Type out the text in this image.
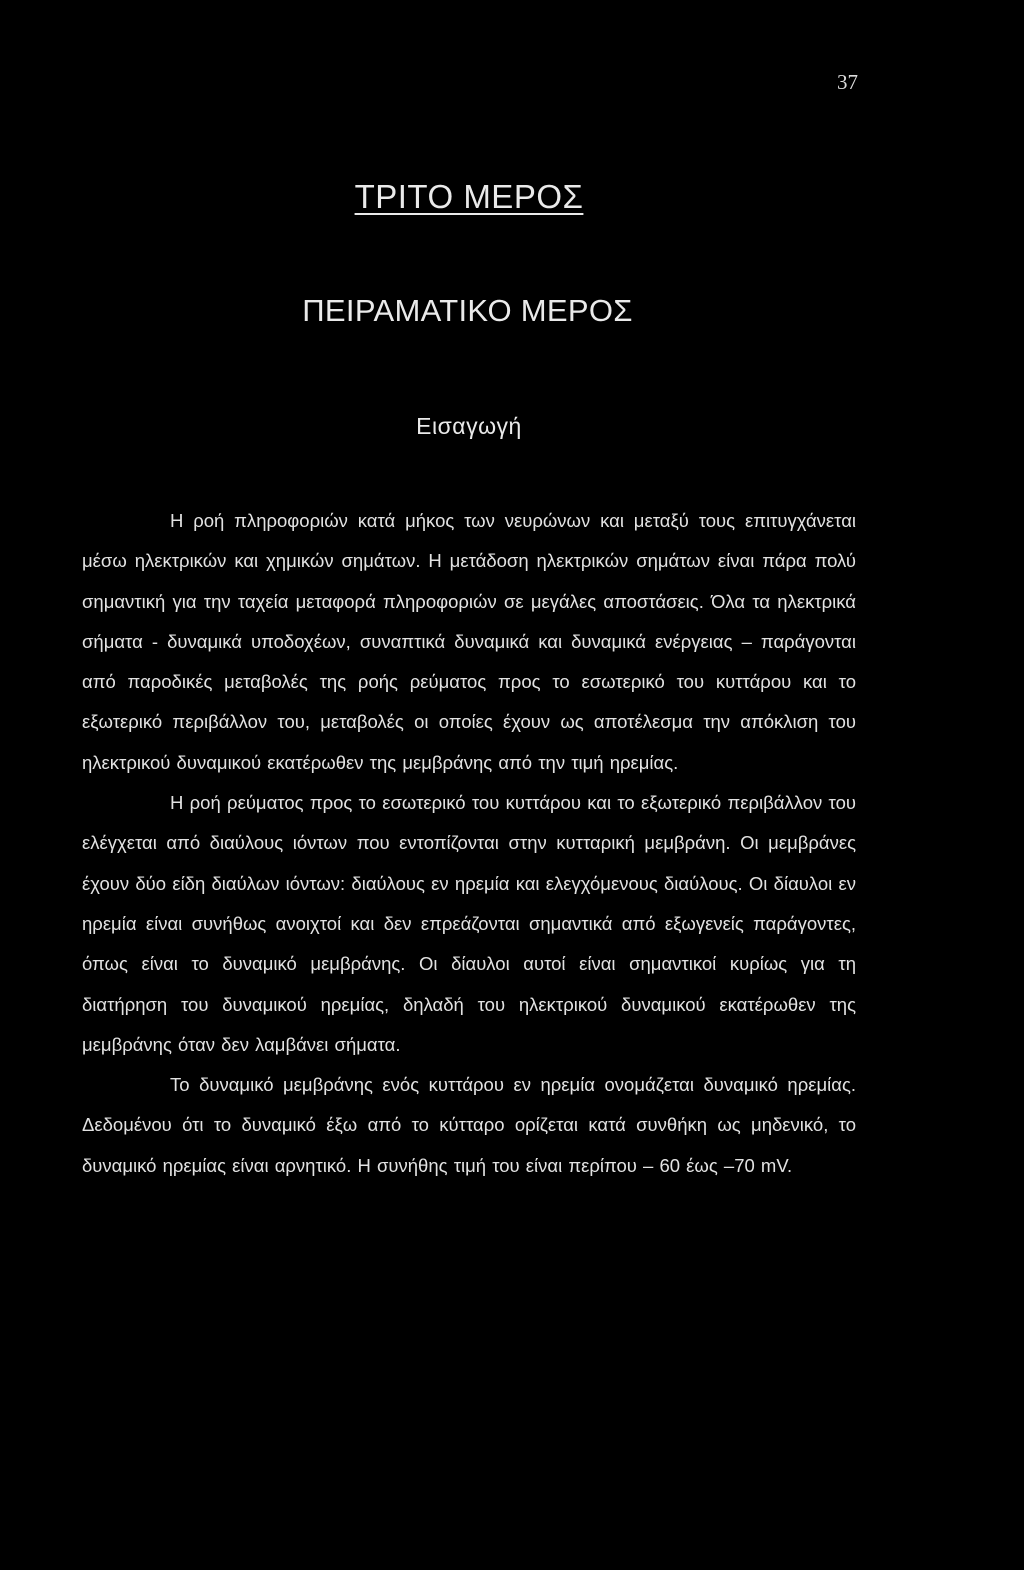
37
ΤΡΙΤΟ ΜΕΡΟΣ
ΠΕΙΡΑΜΑΤΙΚΟ ΜΕΡΟΣ
Εισαγωγή

Η ροή πληροφοριών κατά μήκος των νευρώνων και μεταξύ τους επιτυγχάνεται μέσω ηλεκτρικών και χημικών σημάτων. Η μετάδοση ηλεκτρικών σημάτων είναι πάρα πολύ σημαντική για την ταχεία μεταφορά πληροφοριών σε μεγάλες αποστάσεις. Όλα τα ηλεκτρικά σήματα - δυναμικά υποδοχέων, συναπτικά δυναμικά και δυναμικά ενέργειας – παράγονται από παροδικές μεταβολές της ροής ρεύματος προς το εσωτερικό του κυττάρου και το εξωτερικό περιβάλλον του, μεταβολές οι οποίες έχουν ως αποτέλεσμα την απόκλιση του ηλεκτρικού δυναμικού εκατέρωθεν της μεμβράνης από την τιμή ηρεμίας.

Η ροή ρεύματος προς το εσωτερικό του κυττάρου και το εξωτερικό περιβάλλον του ελέγχεται από διαύλους ιόντων που εντοπίζονται στην κυτταρική μεμβράνη. Οι μεμβράνες έχουν δύο είδη διαύλων ιόντων: διαύλους εν ηρεμία και ελεγχόμενους διαύλους. Οι δίαυλοι εν ηρεμία είναι συνήθως ανοιχτοί και δεν επρεάζονται σημαντικά από εξωγενείς παράγοντες, όπως είναι το δυναμικό μεμβράνης. Οι δίαυλοι αυτοί είναι σημαντικοί κυρίως για τη διατήρηση του δυναμικού ηρεμίας, δηλαδή του ηλεκτρικού δυναμικού εκατέρωθεν της μεμβράνης όταν δεν λαμβάνει σήματα.

Το δυναμικό μεμβράνης ενός κυττάρου εν ηρεμία ονομάζεται δυναμικό ηρεμίας. Δεδομένου ότι το δυναμικό έξω από το κύτταρο ορίζεται κατά συνθήκη ως μηδενικό, το δυναμικό ηρεμίας είναι αρνητικό. Η συνήθης τιμή του είναι περίπου – 60 έως –70 mV.
